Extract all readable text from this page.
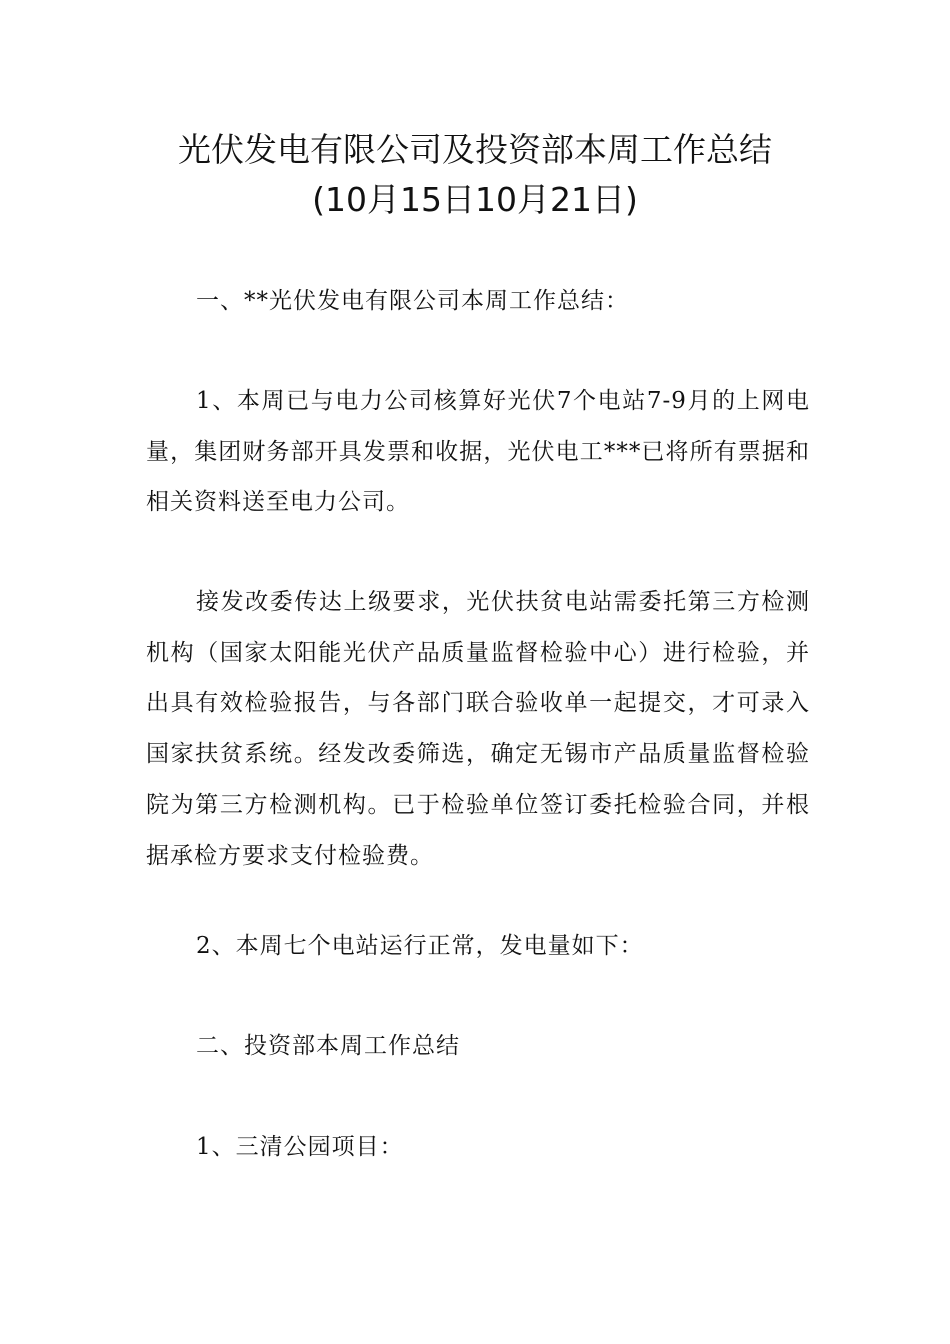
光伏发电有限公司及投资部本周工作总结
(10月15日10月21日)

一、**光伏发电有限公司本周工作总结：

1、本周已与电力公司核算好光伏7个电站7-9月的上网电量，集团财务部开具发票和收据，光伏电工***已将所有票据和相关资料送至电力公司。

接发改委传达上级要求，光伏扶贫电站需委托第三方检测机构（国家太阳能光伏产品质量监督检验中心）进行检验，并出具有效检验报告，与各部门联合验收单一起提交，才可录入国家扶贫系统。经发改委筛选，确定无锡市产品质量监督检验院为第三方检测机构。已于检验单位签订委托检验合同，并根据承检方要求支付检验费。

2、本周七个电站运行正常，发电量如下：

二、投资部本周工作总结

1、三清公园项目：
